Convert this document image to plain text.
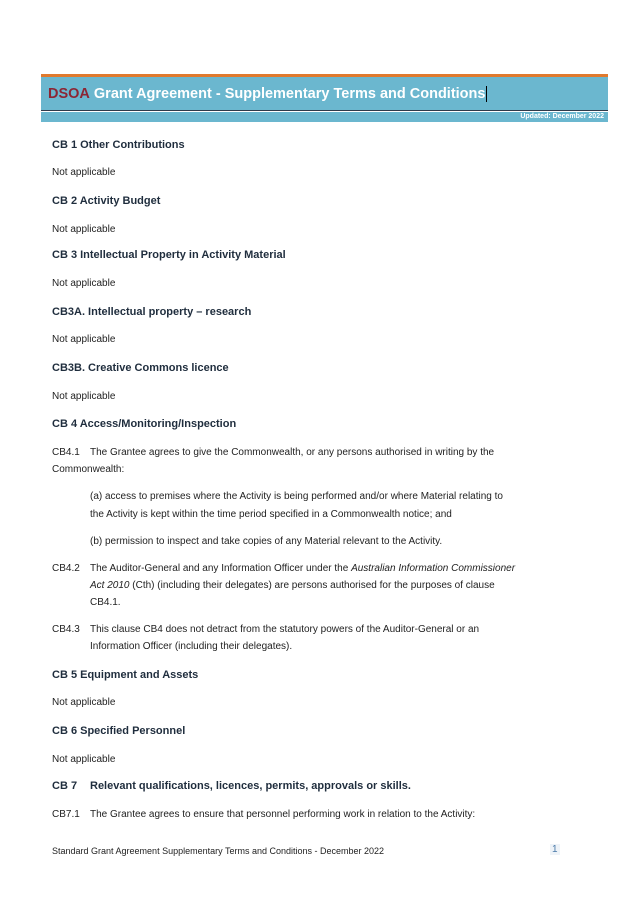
DSOA Grant Agreement - Supplementary Terms and Conditions
Updated: December 2022
CB 1 Other Contributions
Not applicable
CB 2 Activity Budget
Not applicable
CB 3 Intellectual Property in Activity Material
Not applicable
CB3A. Intellectual property – research
Not applicable
CB3B. Creative Commons licence
Not applicable
CB 4 Access/Monitoring/Inspection
CB4.1 The Grantee agrees to give the Commonwealth, or any persons authorised in writing by the
Commonwealth:
(a) access to premises where the Activity is being performed and/or where Material relating to
the Activity is kept within the time period specified in a Commonwealth notice; and
(b) permission to inspect and take copies of any Material relevant to the Activity.
CB4.2 The Auditor-General and any Information Officer under the Australian Information Commissioner
Act 2010 (Cth) (including their delegates) are persons authorised for the purposes of clause
CB4.1.
CB4.3 This clause CB4 does not detract from the statutory powers of the Auditor-General or an
Information Officer (including their delegates).
CB 5 Equipment and Assets
Not applicable
CB 6 Specified Personnel
Not applicable
CB 7 Relevant qualifications, licences, permits, approvals or skills.
CB7.1 The Grantee agrees to ensure that personnel performing work in relation to the Activity:
Standard Grant Agreement Supplementary Terms and Conditions - December 2022	1
